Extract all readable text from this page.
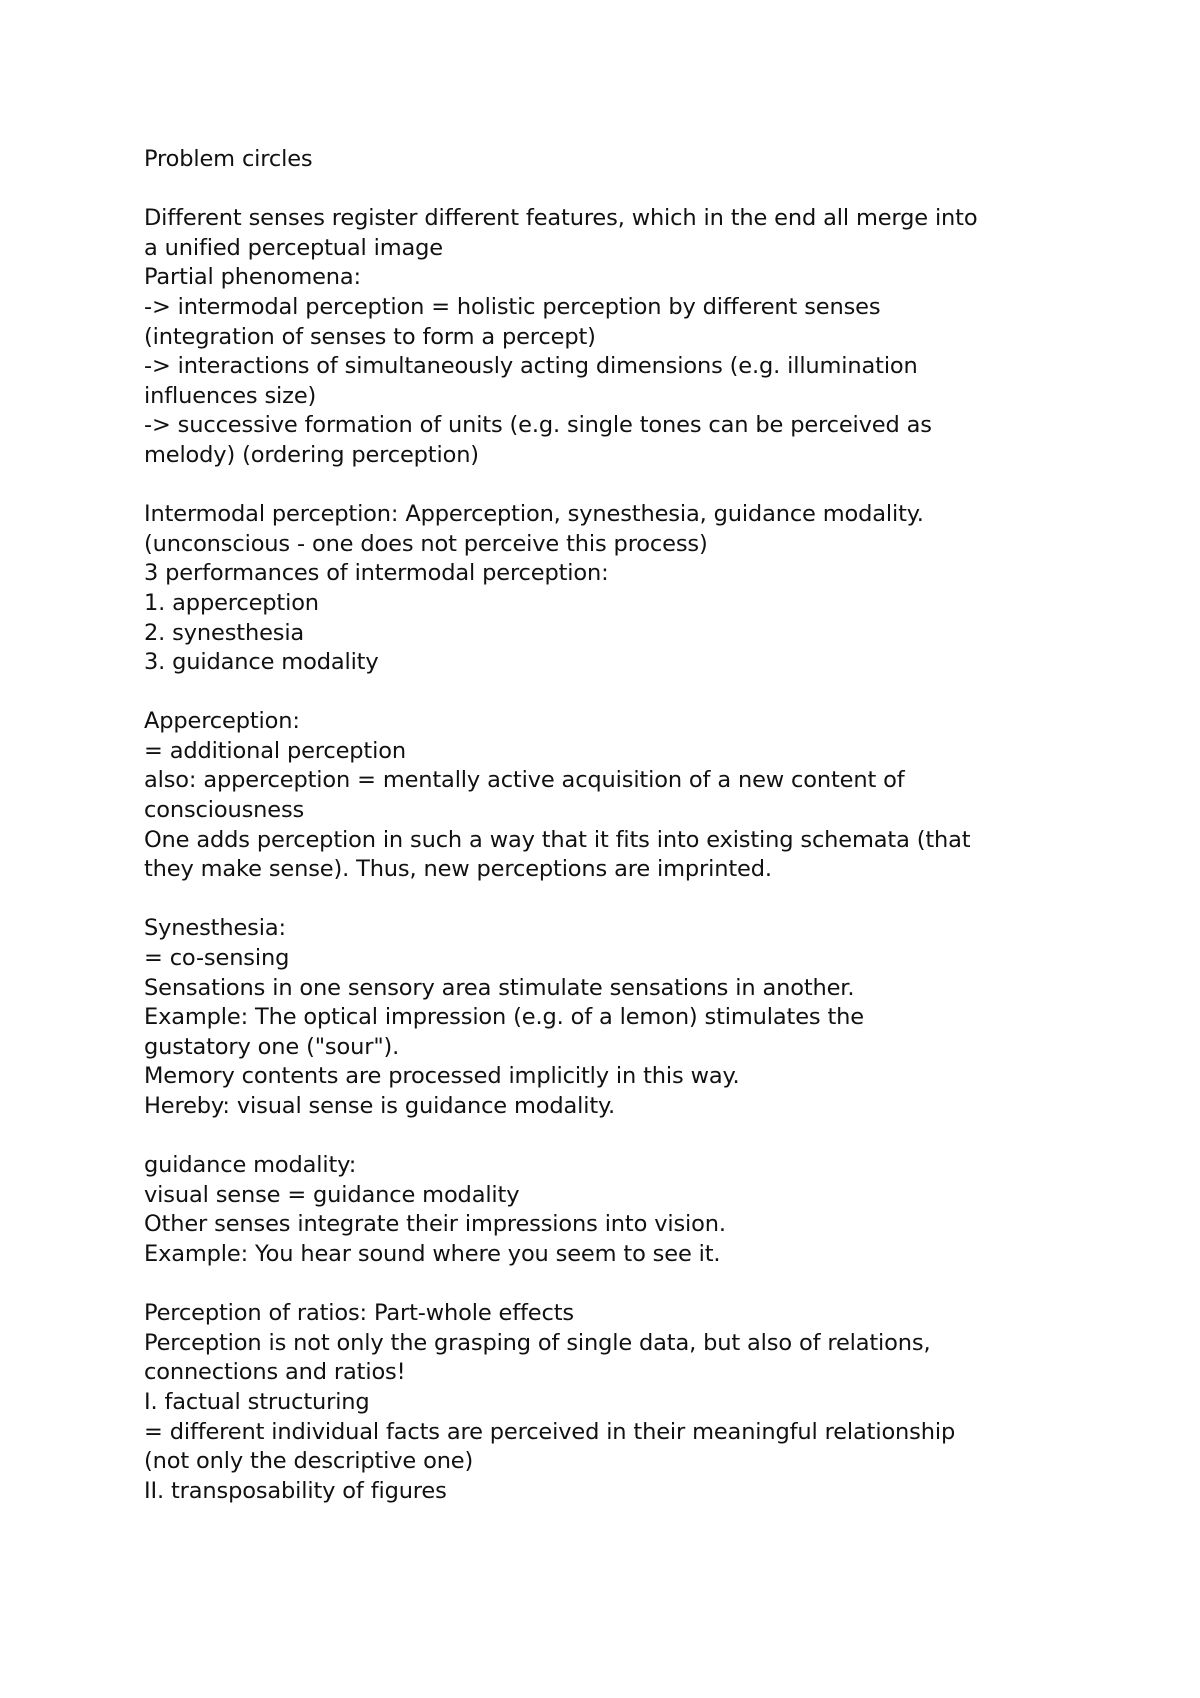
Problem circles
Different senses register different features, which in the end all merge into
a unified perceptual image
Partial phenomena:
-> intermodal perception = holistic perception by different senses
(integration of senses to form a percept)
-> interactions of simultaneously acting dimensions (e.g. illumination
influences size)
-> successive formation of units (e.g. single tones can be perceived as
melody) (ordering perception)
Intermodal perception: Apperception, synesthesia, guidance modality.
(unconscious - one does not perceive this process)
3 performances of intermodal perception:
1. apperception
2. synesthesia
3. guidance modality
Apperception:
= additional perception
also: apperception = mentally active acquisition of a new content of
consciousness
One adds perception in such a way that it fits into existing schemata (that
they make sense). Thus, new perceptions are imprinted.
Synesthesia:
= co-sensing
Sensations in one sensory area stimulate sensations in another.
Example: The optical impression (e.g. of a lemon) stimulates the
gustatory one ("sour").
Memory contents are processed implicitly in this way.
Hereby: visual sense is guidance modality.
guidance modality:
visual sense = guidance modality
Other senses integrate their impressions into vision.
Example: You hear sound where you seem to see it.
Perception of ratios: Part-whole effects
Perception is not only the grasping of single data, but also of relations,
connections and ratios!
I. factual structuring
= different individual facts are perceived in their meaningful relationship
(not only the descriptive one)
II. transposability of figures
